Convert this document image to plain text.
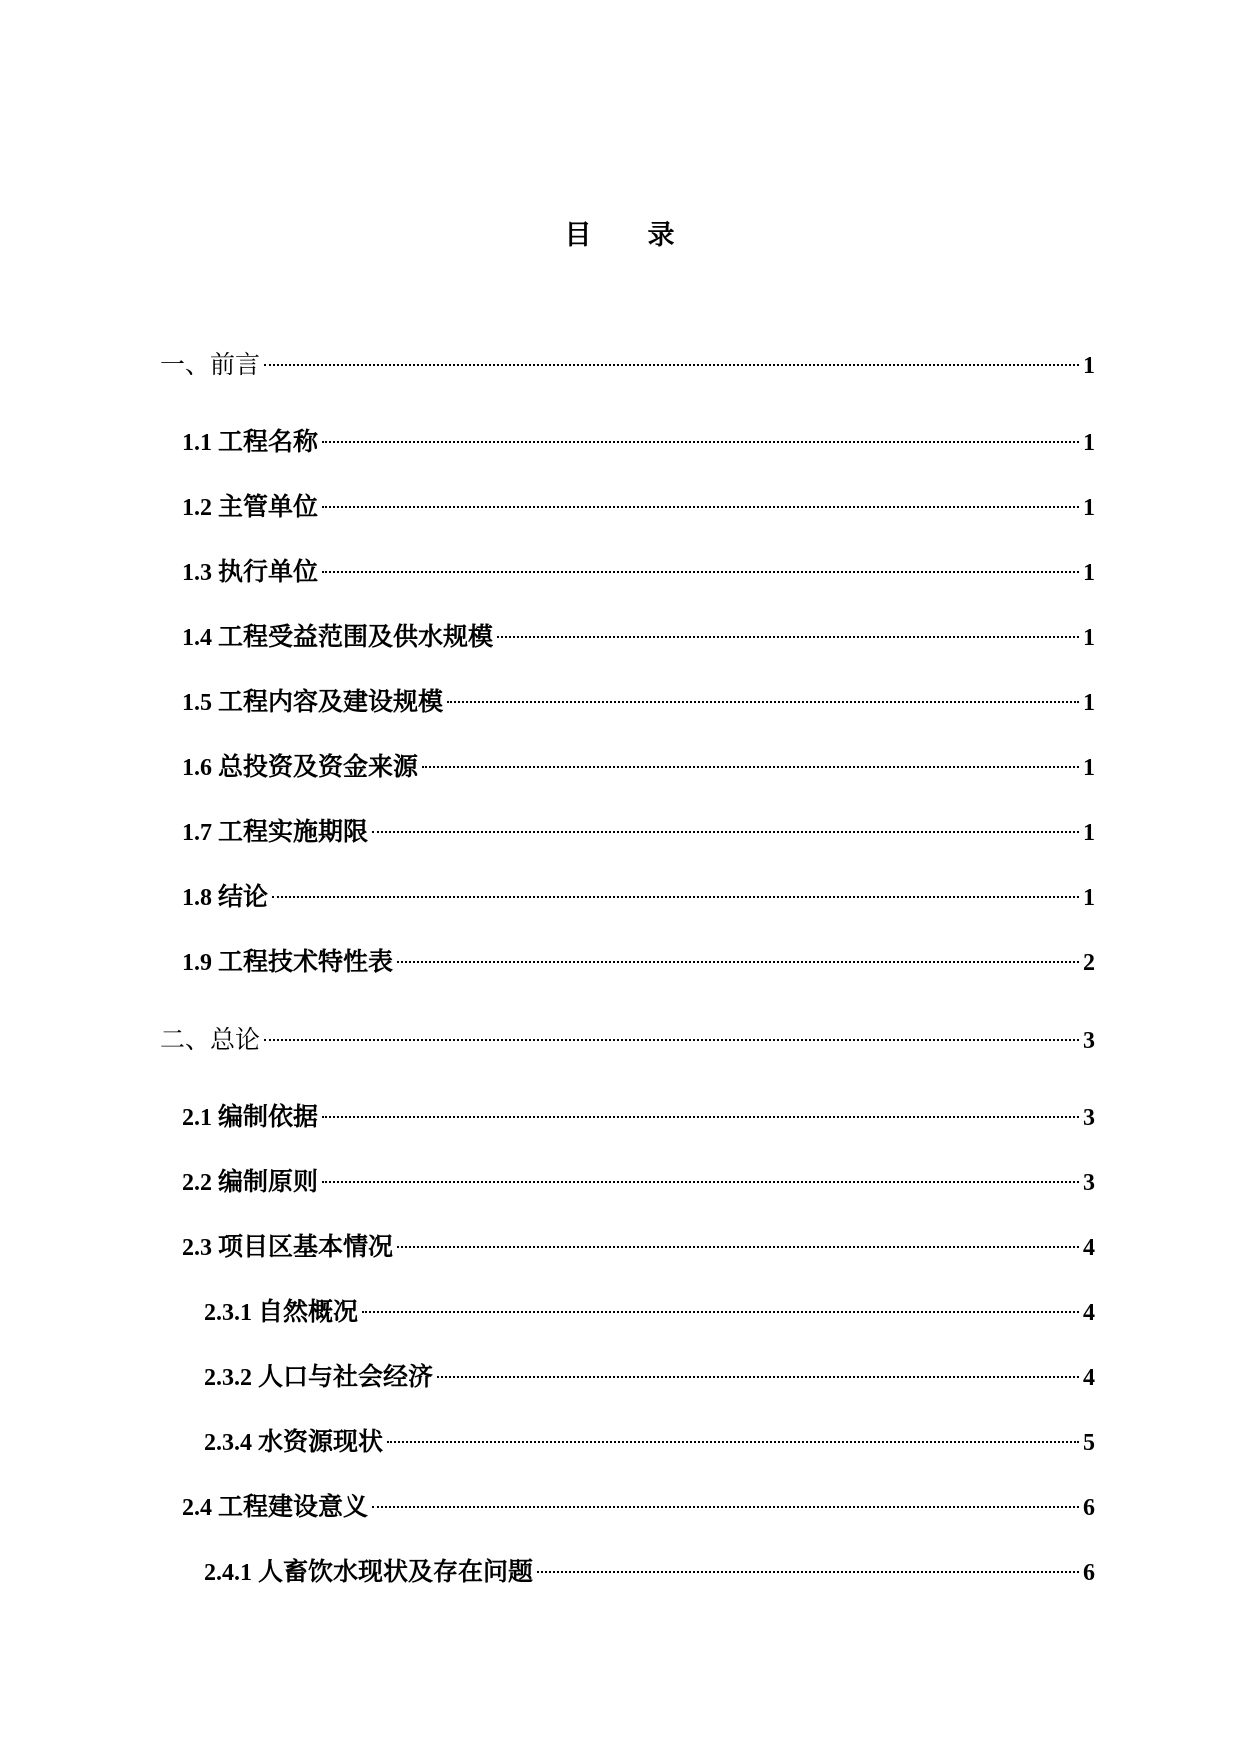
目 录
一、 前言	1
1.1 工程名称	1
1.2 主管单位	1
1.3 执行单位	1
1.4 工程受益范围及供水规模	1
1.5 工程内容及建设规模	1
1.6 总投资及资金来源	1
1.7 工程实施期限	1
1.8 结论	1
1.9 工程技术特性表	2
二、 总论	3
2.1 编制依据	3
2.2 编制原则	3
2.3 项目区基本情况	4
2.3.1 自然概况	4
2.3.2 人口与社会经济	4
2.3.4 水资源现状	5
2.4 工程建设意义	6
2.4.1 人畜饮水现状及存在问题	6
